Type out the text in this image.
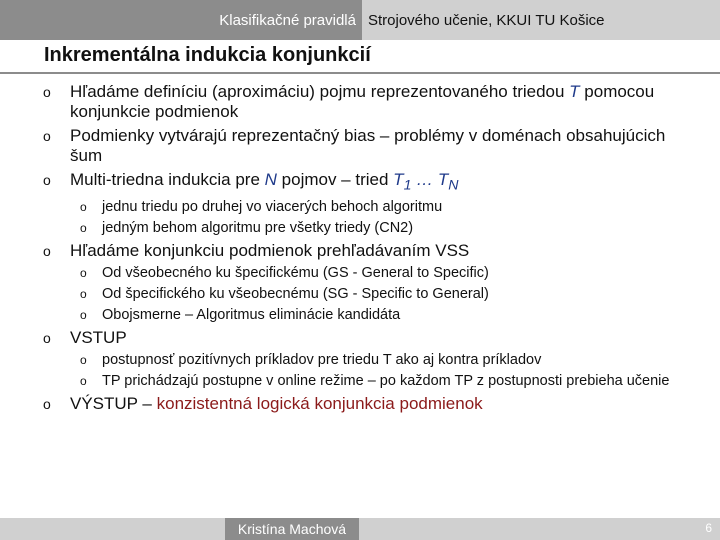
Klasifikačné pravidlá Strojového učenie, KKUI TU Košice
Inkrementálna indukcia konjunkcií
o Hľadáme definíciu (aproximáciu) pojmu reprezentovaného triedou T pomocou konjunkcie podmienok
o Podmienky vytvárajú reprezentačný bias – problémy v doménach obsahujúcich šum
o Multi-triedna indukcia pre N pojmov – tried $T_1$ … $T_N$
o jednu triedu po druhej vo viacerých behoch algoritmu
o jedným behom algoritmu pre všetky triedy (CN2)
o Hľadáme konjunkciu podmienok prehľadávaním VSS
o Od všeobecného ku špecifickému (GS - General to Specific)
o Od špecifického ku všeobecnému (SG - Specific to General)
o Obojsmerne – Algoritmus eliminácie kandidáta
o VSTUP
o postupnosť pozitívnych príkladov pre triedu T ako aj kontra príkladov
o TP prichádzajú postupne v online režime – po každom TP z postupnosti prebieha učenie
o VÝSTUP – konzistentná logická konjunkcia podmienok
Kristína Machová	6
